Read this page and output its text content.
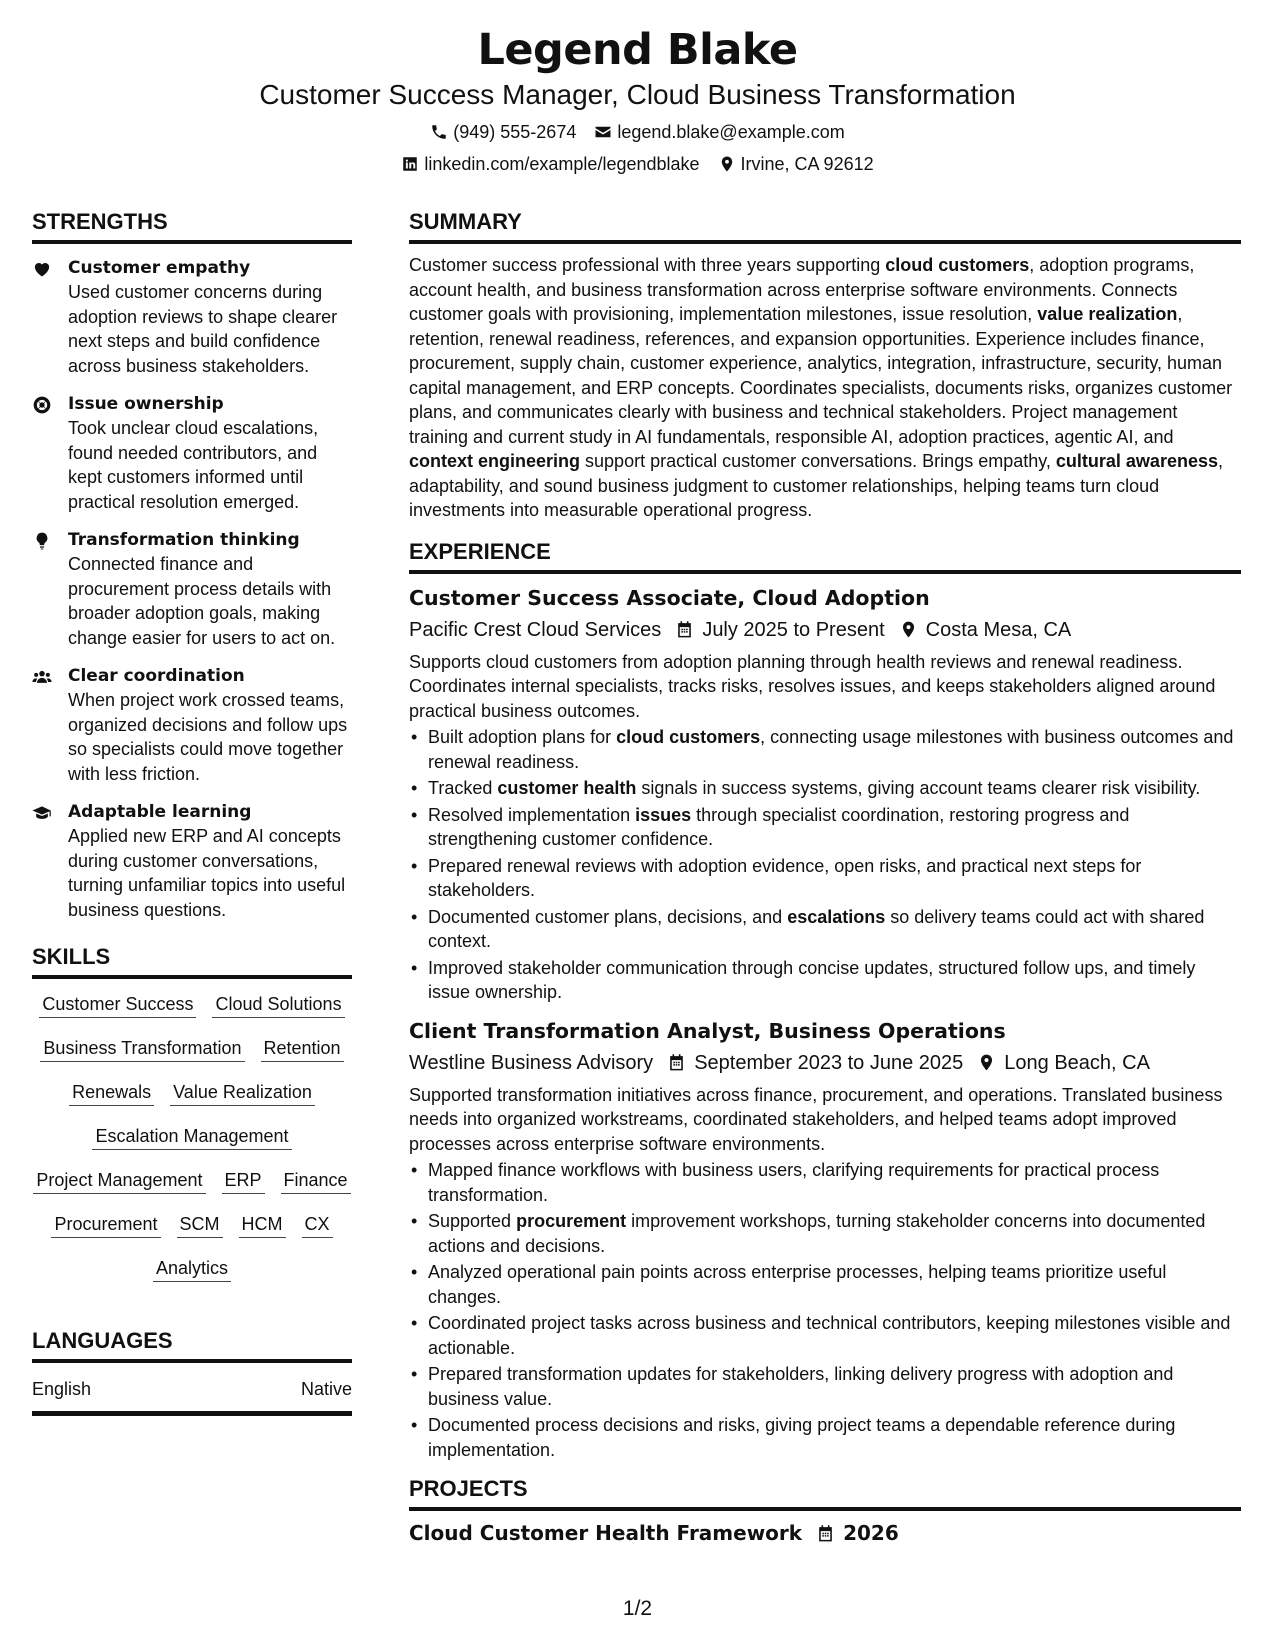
Legend Blake
Customer Success Manager, Cloud Business Transformation
(949) 555-2674 legend.blake@example.com
linkedin.com/example/legendblake Irvine, CA 92612
STRENGTHS
Customer empathy
Used customer concerns during adoption reviews to shape clearer next steps and build confidence across business stakeholders.
Issue ownership
Took unclear cloud escalations, found needed contributors, and kept customers informed until practical resolution emerged.
Transformation thinking
Connected finance and procurement process details with broader adoption goals, making change easier for users to act on.
Clear coordination
When project work crossed teams, organized decisions and follow ups so specialists could move together with less friction.
Adaptable learning
Applied new ERP and AI concepts during customer conversations, turning unfamiliar topics into useful business questions.
SKILLS
Customer Success Cloud Solutions
Business Transformation Retention
Renewals Value Realization
Escalation Management
Project Management ERP Finance
Procurement SCM HCM CX
Analytics
LANGUAGES
English	Native
SUMMARY
Customer success professional with three years supporting cloud customers, adoption programs, account health, and business transformation across enterprise software environments. Connects customer goals with provisioning, implementation milestones, issue resolution, value realization, retention, renewal readiness, references, and expansion opportunities. Experience includes finance, procurement, supply chain, customer experience, analytics, integration, infrastructure, security, human capital management, and ERP concepts. Coordinates specialists, documents risks, organizes customer plans, and communicates clearly with business and technical stakeholders. Project management training and current study in AI fundamentals, responsible AI, adoption practices, agentic AI, and context engineering support practical customer conversations. Brings empathy, cultural awareness, adaptability, and sound business judgment to customer relationships, helping teams turn cloud investments into measurable operational progress.
EXPERIENCE
Customer Success Associate, Cloud Adoption
Pacific Crest Cloud Services July 2025 to Present Costa Mesa, CA
Supports cloud customers from adoption planning through health reviews and renewal readiness. Coordinates internal specialists, tracks risks, resolves issues, and keeps stakeholders aligned around practical business outcomes.
• Built adoption plans for cloud customers, connecting usage milestones with business outcomes and renewal readiness.
• Tracked customer health signals in success systems, giving account teams clearer risk visibility.
• Resolved implementation issues through specialist coordination, restoring progress and strengthening customer confidence.
• Prepared renewal reviews with adoption evidence, open risks, and practical next steps for stakeholders.
• Documented customer plans, decisions, and escalations so delivery teams could act with shared context.
• Improved stakeholder communication through concise updates, structured follow ups, and timely issue ownership.
Client Transformation Analyst, Business Operations
Westline Business Advisory September 2023 to June 2025 Long Beach, CA
Supported transformation initiatives across finance, procurement, and operations. Translated business needs into organized workstreams, coordinated stakeholders, and helped teams adopt improved processes across enterprise software environments.
• Mapped finance workflows with business users, clarifying requirements for practical process transformation.
• Supported procurement improvement workshops, turning stakeholder concerns into documented actions and decisions.
• Analyzed operational pain points across enterprise processes, helping teams prioritize useful changes.
• Coordinated project tasks across business and technical contributors, keeping milestones visible and actionable.
• Prepared transformation updates for stakeholders, linking delivery progress with adoption and business value.
• Documented process decisions and risks, giving project teams a dependable reference during implementation.
PROJECTS
Cloud Customer Health Framework 2026
1/2
